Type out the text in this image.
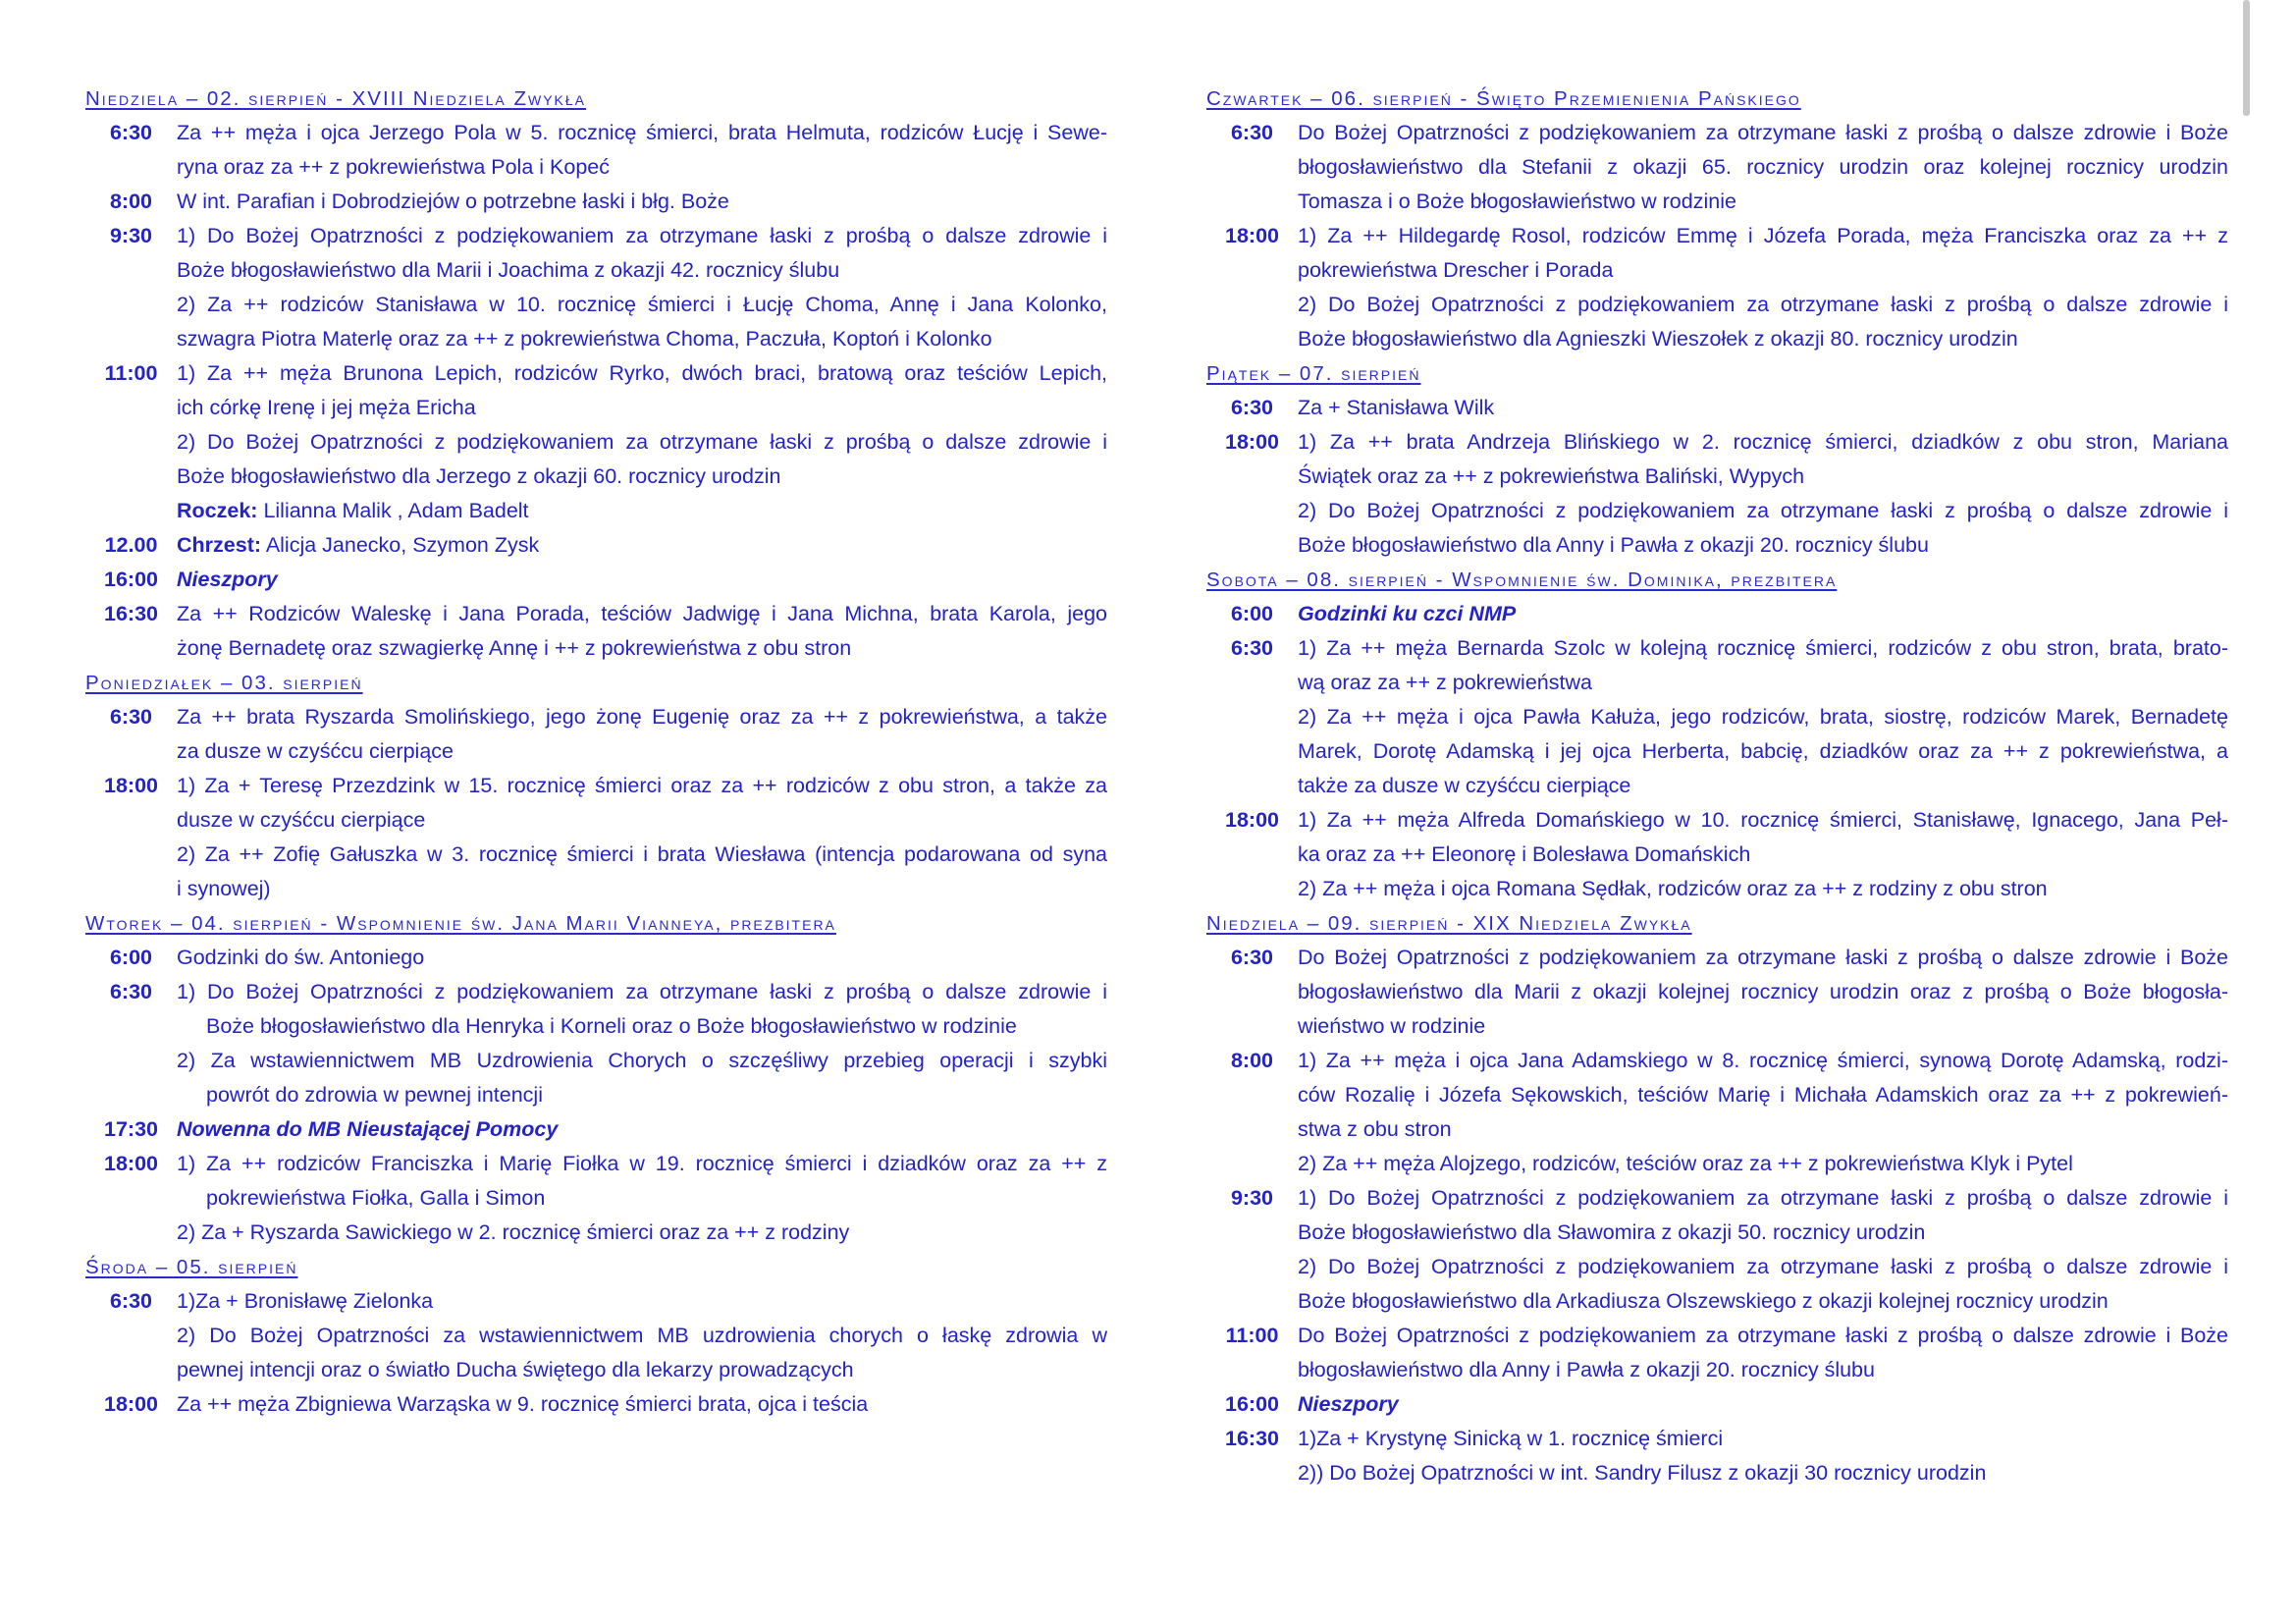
Niedziela – 02. sierpień - XVIII Niedziela Zwykła
6:30	Za ++ męża i ojca Jerzego Pola w 5. rocznicę śmierci, brata Helmuta, rodziców Łucję i Sewe-
ryna oraz za ++ z pokrewieństwa Pola i Kopeć
8:00	W int. Parafian i Dobrodziejów o potrzebne łaski i błg. Boże
9:30	1) Do Bożej Opatrzności z podziękowaniem za otrzymane łaski z prośbą o dalsze zdrowie i
Boże błogosławieństwo dla Marii i Joachima z okazji 42. rocznicy ślubu
2) Za ++ rodziców Stanisława w 10. rocznicę śmierci i Łucję Choma, Annę i Jana Kolonko,
szwagra Piotra Materlę oraz za ++ z pokrewieństwa Choma, Paczuła, Koptoń i Kolonko
11:00 1) Za ++ męża Brunona Lepich, rodziców Ryrko, dwóch braci, bratową oraz teściów Lepich,
ich córkę Irenę i jej męża Ericha
2) Do Bożej Opatrzności z podziękowaniem za otrzymane łaski z prośbą o dalsze zdrowie i
Boże błogosławieństwo dla Jerzego z okazji 60. rocznicy urodzin
Roczek: Lilianna Malik , Adam Badelt
12.00 Chrzest: Alicja Janecko, Szymon Zysk
16:00 Nieszpory
16:30 Za ++ Rodziców Waleskę i Jana Porada, teściów Jadwigę i Jana Michna, brata Karola, jego
żonę Bernadetę oraz szwagierkę Annę i ++ z pokrewieństwa z obu stron
Poniedziałek – 03. sierpień
6:30	Za ++ brata Ryszarda Smolińskiego, jego żonę Eugenię oraz za ++ z pokrewieństwa, a także
za dusze w czyśćcu cierpiące
18:00 1) Za + Teresę Przezdzink w 15. rocznicę śmierci oraz za ++ rodziców z obu stron, a także za
dusze w czyśćcu cierpiące
2) Za ++ Zofię Gałuszka w 3. rocznicę śmierci i brata Wiesława (intencja podarowana od syna
i synowej)
Wtorek – 04. sierpień - Wspomnienie św. Jana Marii Vianneya, prezbitera
6:00	Godzinki do św. Antoniego
6:30	1) Do Bożej Opatrzności z podziękowaniem za otrzymane łaski z prośbą o dalsze zdrowie i
Boże błogosławieństwo dla Henryka i Korneli oraz o Boże błogosławieństwo w rodzinie
2) Za wstawiennictwem MB Uzdrowienia Chorych o szczęśliwy przebieg operacji i szybki
powrót do zdrowia w pewnej intencji
17:30 Nowenna do MB Nieustającej Pomocy
18:00 1) Za ++ rodziców Franciszka i Marię Fiołka w 19. rocznicę śmierci i dziadków oraz za ++ z
pokrewieństwa Fiołka, Galla i Simon
2) Za + Ryszarda Sawickiego w 2. rocznicę śmierci oraz za ++ z rodziny
Środa – 05. sierpień
6:30	1)Za + Bronisławę Zielonka
2) Do Bożej Opatrzności za wstawiennictwem MB uzdrowienia chorych o łaskę zdrowia w
pewnej intencji oraz o światło Ducha świętego dla lekarzy prowadzących
18:00 Za ++ męża Zbigniewa Warząska w 9. rocznicę śmierci brata, ojca i teścia
Czwartek – 06. sierpień - Święto Przemienienia Pańskiego
6:30	Do Bożej Opatrzności z podziękowaniem za otrzymane łaski z prośbą o dalsze zdrowie i Boże
błogosławieństwo dla Stefanii z okazji 65. rocznicy urodzin oraz kolejnej rocznicy urodzin
Tomasza i o Boże błogosławieństwo w rodzinie
18:00 1) Za ++ Hildegardę Rosol, rodziców Emmę i Józefa Porada, męża Franciszka oraz za ++ z
pokrewieństwa Drescher i Porada
2) Do Bożej Opatrzności z podziękowaniem za otrzymane łaski z prośbą o dalsze zdrowie i
Boże błogosławieństwo dla Agnieszki Wieszołek z okazji 80. rocznicy urodzin
Piątek – 07. sierpień
6:30	Za + Stanisława Wilk
18:00 1) Za ++ brata Andrzeja Blińskiego w 2. rocznicę śmierci, dziadków z obu stron, Mariana
Świątek oraz za ++ z pokrewieństwa Baliński, Wypych
2) Do Bożej Opatrzności z podziękowaniem za otrzymane łaski z prośbą o dalsze zdrowie i
Boże błogosławieństwo dla Anny i Pawła z okazji 20. rocznicy ślubu
Sobota – 08. sierpień - Wspomnienie św. Dominika, prezbitera
6:00	Godzinki ku czci NMP
6:30	1) Za ++ męża Bernarda Szolc w kolejną rocznicę śmierci, rodziców z obu stron, brata, brato-
wą oraz za ++ z pokrewieństwa
2) Za ++ męża i ojca Pawła Kałuża, jego rodziców, brata, siostrę, rodziców Marek, Bernadetę
Marek, Dorotę Adamską i jej ojca Herberta, babcię, dziadków oraz za ++ z pokrewieństwa, a
także za dusze w czyśćcu cierpiące
18:00 1) Za ++ męża Alfreda Domańskiego w 10. rocznicę śmierci, Stanisławę, Ignacego, Jana Peł-
ka oraz za ++ Eleonorę i Bolesława Domańskich
2) Za ++ męża i ojca Romana Sędłak, rodziców oraz za ++ z rodziny z obu stron
Niedziela – 09. sierpień - XIX Niedziela Zwykła
6:30	Do Bożej Opatrzności z podziękowaniem za otrzymane łaski z prośbą o dalsze zdrowie i Boże
błogosławieństwo dla Marii z okazji kolejnej rocznicy urodzin oraz z prośbą o Boże błogosła-
wieństwo w rodzinie
8:00	1) Za ++ męża i ojca Jana Adamskiego w 8. rocznicę śmierci, synową Dorotę Adamską, rodzi-
ców Rozalię i Józefa Sękowskich, teściów Marię i Michała Adamskich oraz za ++ z pokrewień-
stwa z obu stron
2) Za ++ męża Alojzego, rodziców, teściów oraz za ++ z pokrewieństwa Klyk i Pytel
9:30	1) Do Bożej Opatrzności z podziękowaniem za otrzymane łaski z prośbą o dalsze zdrowie i
Boże błogosławieństwo dla Sławomira z okazji 50. rocznicy urodzin
2) Do Bożej Opatrzności z podziękowaniem za otrzymane łaski z prośbą o dalsze zdrowie i
Boże błogosławieństwo dla Arkadiusza Olszewskiego z okazji kolejnej rocznicy urodzin
11:00 Do Bożej Opatrzności z podziękowaniem za otrzymane łaski z prośbą o dalsze zdrowie i Boże
błogosławieństwo dla Anny i Pawła z okazji 20. rocznicy ślubu
16:00 Nieszpory
16:30 1)Za + Krystynę Sinicką w 1. rocznicę śmierci
2)) Do Bożej Opatrzności w int. Sandry Filusz z okazji 30 rocznicy urodzin
